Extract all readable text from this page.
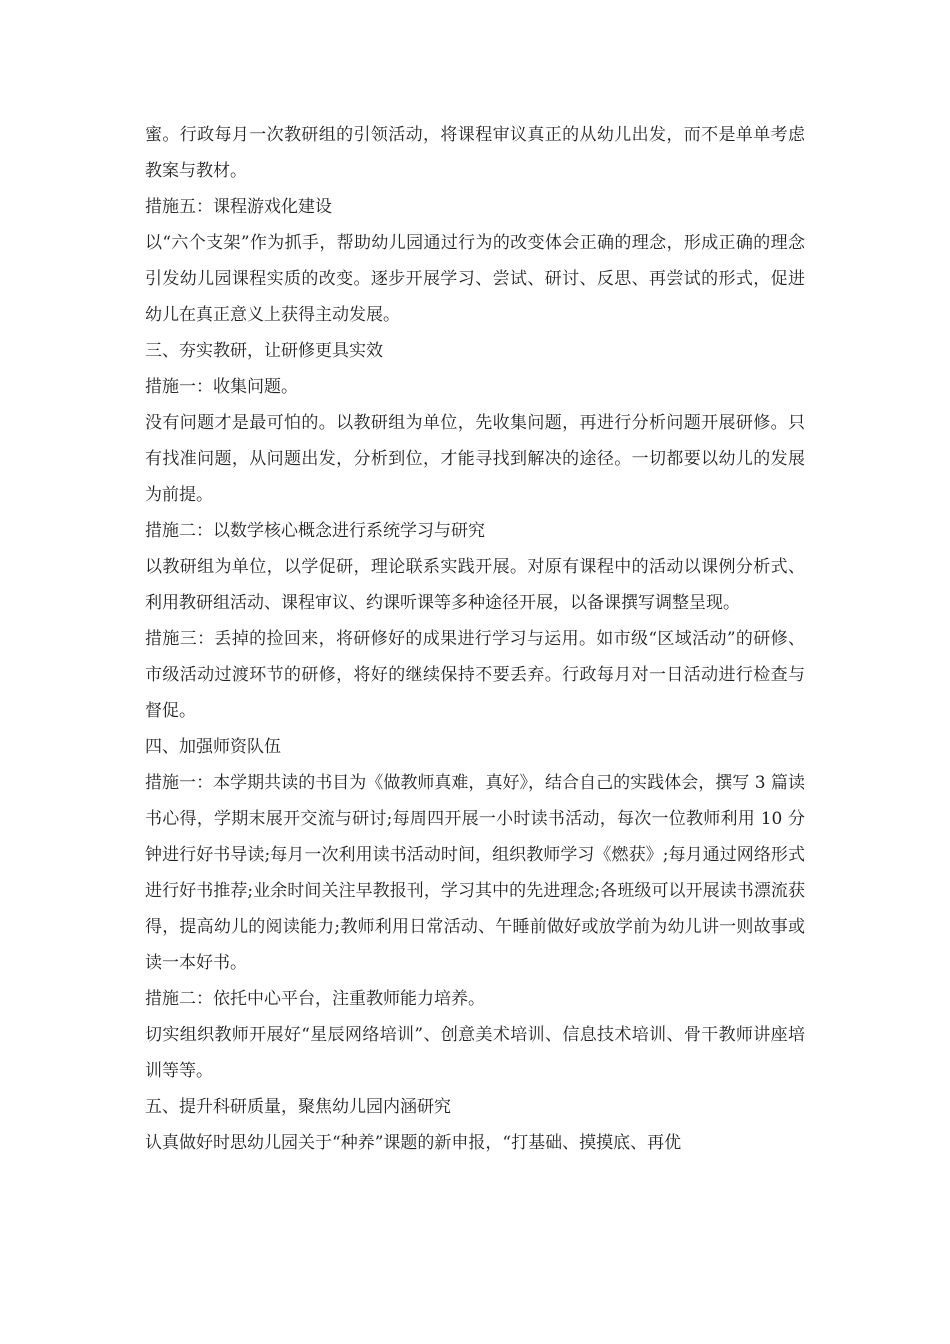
蜜。行政每月一次教研组的引领活动，将课程审议真正的从幼儿出发，而不是单单考虑教案与教材。

措施五：课程游戏化建设

以“六个支架”作为抓手，帮助幼儿园通过行为的改变体会正确的理念，形成正确的理念引发幼儿园课程实质的改变。逐步开展学习、尝试、研讨、反思、再尝试的形式，促进幼儿在真正意义上获得主动发展。

三、夯实教研，让研修更具实效

措施一：收集问题。

没有问题才是最可怕的。以教研组为单位，先收集问题，再进行分析问题开展研修。只有找准问题，从问题出发，分析到位，才能寻找到解决的途径。一切都要以幼儿的发展为前提。

措施二：以数学核心概念进行系统学习与研究

以教研组为单位，以学促研，理论联系实践开展。对原有课程中的活动以课例分析式、利用教研组活动、课程审议、约课听课等多种途径开展，以备课撰写调整呈现。

措施三：丢掉的捡回来，将研修好的成果进行学习与运用。如市级“区域活动”的研修、市级活动过渡环节的研修，将好的继续保持不要丢弃。行政每月对一日活动进行检查与督促。

四、加强师资队伍

措施一：本学期共读的书目为《做教师真难，真好》，结合自己的实践体会，撰写 3 篇读书心得，学期末展开交流与研讨;每周四开展一小时读书活动，每次一位教师利用 10 分钟进行好书导读;每月一次利用读书活动时间，组织教师学习《燃获》;每月通过网络形式进行好书推荐;业余时间关注早教报刊，学习其中的先进理念;各班级可以开展读书漂流获得，提高幼儿的阅读能力;教师利用日常活动、午睡前做好或放学前为幼儿讲一则故事或读一本好书。

措施二：依托中心平台，注重教师能力培养。

切实组织教师开展好“星辰网络培训”、创意美术培训、信息技术培训、骨干教师讲座培训等等。

五、提升科研质量，聚焦幼儿园内涵研究

认真做好时思幼儿园关于“种养”课题的新申报，“打基础、摸摸底、再优
